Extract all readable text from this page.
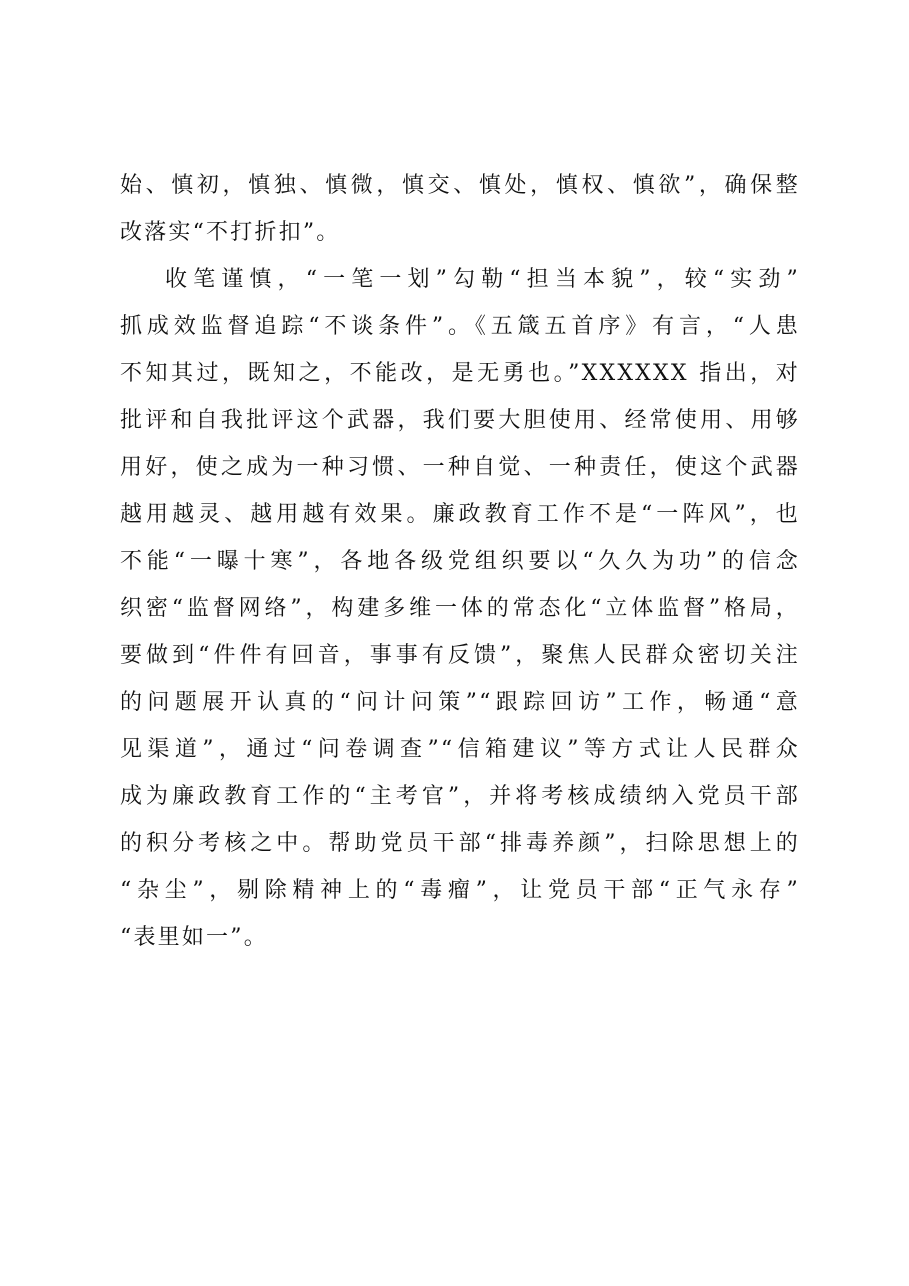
始、慎初，慎独、慎微，慎交、慎处，慎权、慎欲”，确保整
改落实“不打折扣”。
收笔谨慎，“一笔一划”勾勒“担当本貌”，较“实劲”
抓成效监督追踪“不谈条件”。《五箴五首序》有言，“人患
不知其过，既知之，不能改，是无勇也。”XXXXXX 指出，对
批评和自我批评这个武器，我们要大胆使用、经常使用、用够
用好，使之成为一种习惯、一种自觉、一种责任，使这个武器
越用越灵、越用越有效果。廉政教育工作不是“一阵风”，也
不能“一曝十寒”，各地各级党组织要以“久久为功”的信念
织密“监督网络”，构建多维一体的常态化“立体监督”格局，
要做到“件件有回音，事事有反馈”，聚焦人民群众密切关注
的问题展开认真的“问计问策”“跟踪回访”工作，畅通“意
见渠道”，通过“问卷调查”“信箱建议”等方式让人民群众
成为廉政教育工作的“主考官”，并将考核成绩纳入党员干部
的积分考核之中。帮助党员干部“排毒养颜”，扫除思想上的
“杂尘”，剔除精神上的“毒瘤”，让党员干部“正气永存”
“表里如一”。
